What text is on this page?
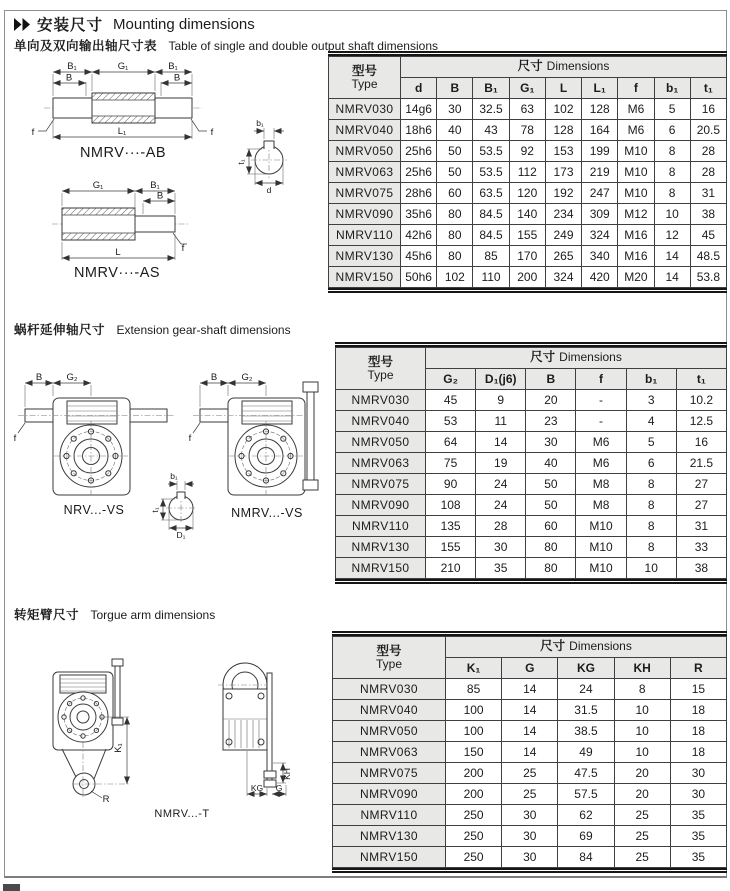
安装尺寸 Mounting dimensions
单向及双向输出轴尺寸表 Table of single and double output shaft dimensions
蜗杆延伸轴尺寸 Extension gear-shaft dimensions
转矩臂尺寸 Torgue arm dimensions
f	f
B₁	G₁	B₁
B	B
L₁
NMRV···-AB
b₁
t₁
d
f
G₁	B₁
B
L
NMRV···-AS
型号
Type	尺寸 Dimensions								
	d	B	B₁	G₁	L	L₁	f	b₁	t₁
NMRV030	14g6	30	32.5	63	102	128	M6	5	16
NMRV040	18h6	40	43	78	128	164	M6	6	20.5
NMRV050	25h6	50	53.5	92	153	199	M10	8	28
NMRV063	25h6	50	53.5	112	173	219	M10	8	28
NMRV075	28h6	60	63.5	120	192	247	M10	8	31
NMRV090	35h6	80	84.5	140	234	309	M12	10	38
NMRV110	42h6	80	84.5	155	249	324	M16	12	45
NMRV130	45h6	80	85	170	265	340	M16	14	48.5
NMRV150	50h6	102	110	200	324	420	M20	14	53.8
B	G₂
f
NRV...-VS
B	G₂
f
NMRV...-VS
b₁
t₁
D₁
型号
Type	尺寸 Dimensions					
	G₂	D₁(j6)	B	f	b₁	t₁
NMRV030	45	9	20	-	3	10.2
NMRV040	53	11	23	-	4	12.5
NMRV050	64	14	30	M6	5	16
NMRV063	75	19	40	M6	6	21.5
NMRV075	90	24	50	M8	8	27
NMRV090	108	24	50	M8	8	27
NMRV110	135	28	60	M10	8	31
NMRV130	155	30	80	M10	8	33
NMRV150	210	35	80	M10	10	38
R
K₁
KH
KG G
NMRV...-T
型号
Type	尺寸 Dimensions				
	K₁	G	KG	KH	R
NMRV030	85	14	24	8	15
NMRV040	100	14	31.5	10	18
NMRV050	100	14	38.5	10	18
NMRV063	150	14	49	10	18
NMRV075	200	25	47.5	20	30
NMRV090	200	25	57.5	20	30
NMRV110	250	30	62	25	35
NMRV130	250	30	69	25	35
NMRV150	250	30	84	25	35
